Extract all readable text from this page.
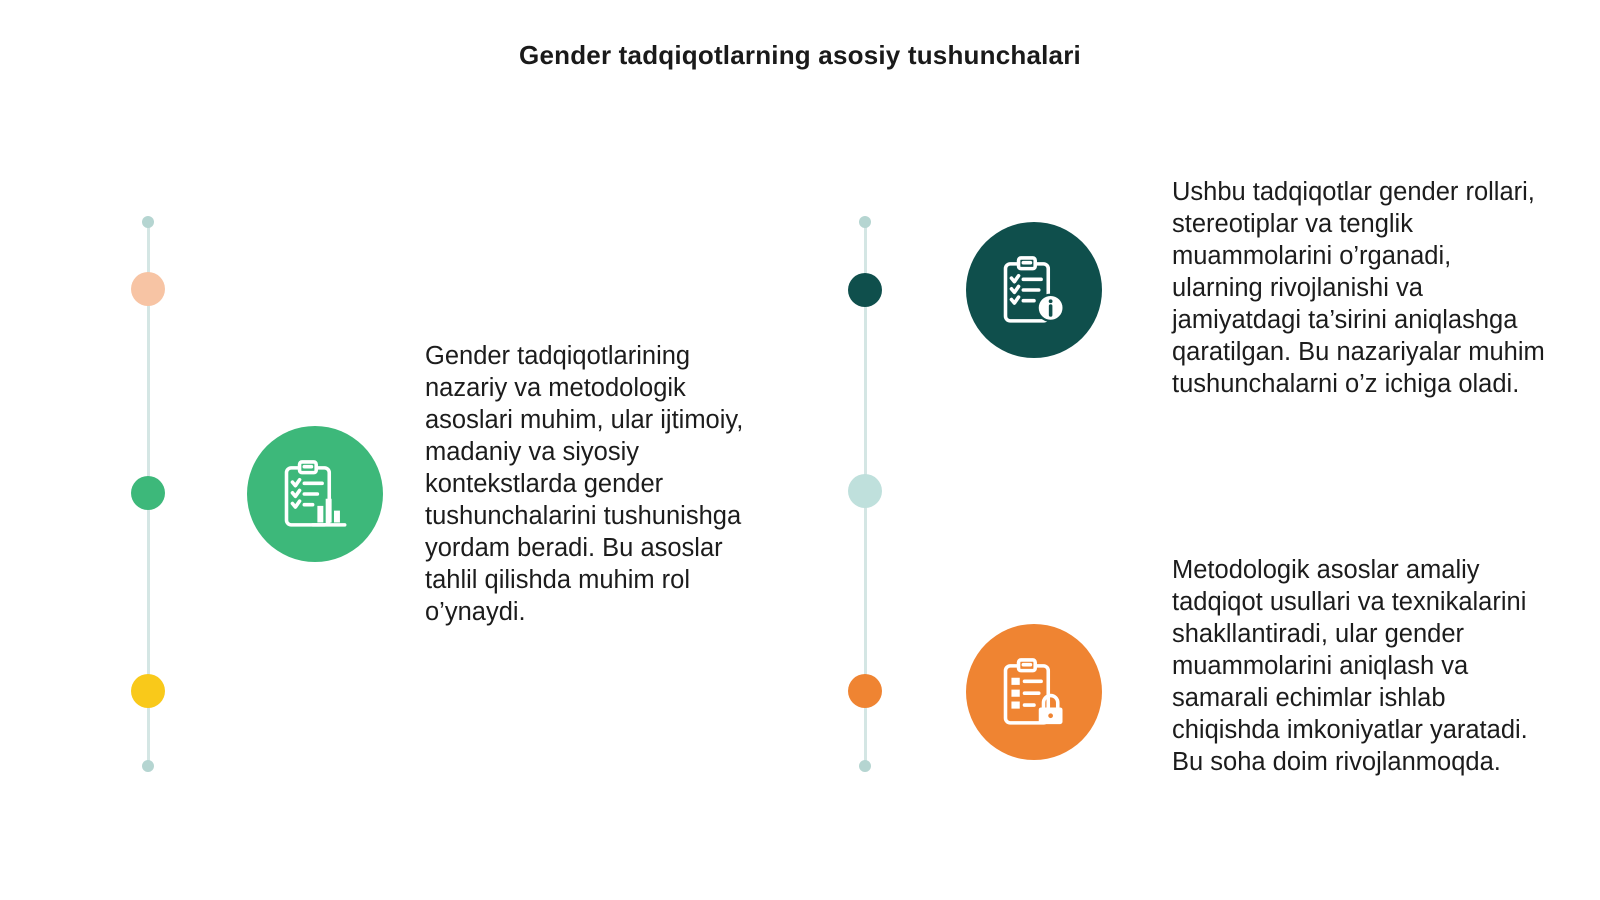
Gender tadqiqotlarning asosiy tushunchalari
Gender tadqiqotlarining nazariy va metodologik asoslari muhim, ular ijtimoiy, madaniy va siyosiy kontekstlarda gender tushunchalarini tushunishga yordam beradi. Bu asoslar tahlil qilishda muhim rol o’ynaydi.
Ushbu tadqiqotlar gender rollari, stereotiplar va tenglik muammolarini o’rganadi, ularning rivojlanishi va jamiyatdagi ta’sirini aniqlashga qaratilgan. Bu nazariyalar muhim tushunchalarni o’z ichiga oladi.
Metodologik asoslar amaliy tadqiqot usullari va texnikalarini shakllantiradi, ular gender muammolarini aniqlash va samarali echimlar ishlab chiqishda imkoniyatlar yaratadi. Bu soha doim rivojlanmoqda.
